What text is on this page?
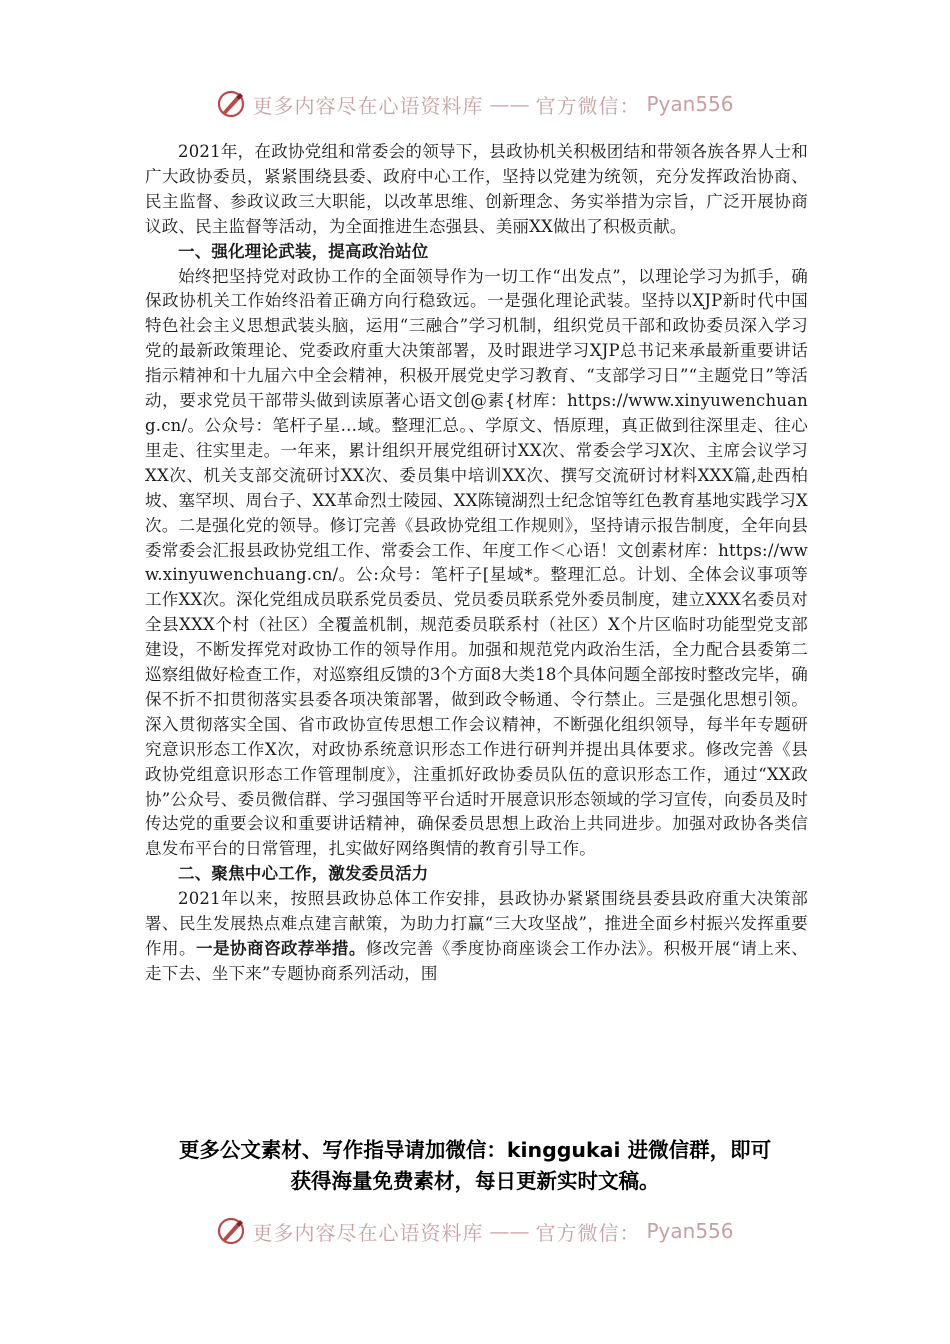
更多内容尽在心语资料库 —— 官方微信： Pyan556

2021年，在政协党组和常委会的领导下，县政协机关积极团结和带领各族各界人士和广大政协委员，紧紧围绕县委、政府中心工作，坚持以党建为统领，充分发挥政治协商、民主监督、参政议政三大职能，以改革思维、创新理念、务实举措为宗旨，广泛开展协商议政、民主监督等活动，为全面推进生态强县、美丽XX做出了积极贡献。

一、强化理论武装，提高政治站位

始终把坚持党对政协工作的全面领导作为一切工作“出发点”，以理论学习为抓手，确保政协机关工作始终沿着正确方向行稳致远。一是强化理论武装。坚持以XJP新时代中国特色社会主义思想武装头脑，运用“三融合”学习机制，组织党员干部和政协委员深入学习党的最新政策理论、党委政府重大决策部署，及时跟进学习XJP总书记来承最新重要讲话指示精神和十九届六中全会精神，积极开展党史学习教育、“支部学习日”“主题党日”等活动，要求党员干部带头做到读原著心语文创@素{材库：https://www.xinyuwenchuang.cn/。公众号：笔杆子星…域。整理汇总。、学原文、悟原理，真正做到往深里走、往心里走、往实里走。一年来，累计组织开展党组研讨XX次、常委会学习X次、主席会议学习XX次、机关支部交流研讨XX次、委员集中培训XX次、撰写交流研讨材料XXX篇,赴西柏坡、塞罕坝、周台子、XX革命烈士陵园、XX陈镜湖烈士纪念馆等红色教育基地实践学习X次。二是强化党的领导。修订完善《县政协党组工作规则》，坚持请示报告制度，全年向县委常委会汇报县政协党组工作、常委会工作、年度工作＜心语！文创素材库：https://www.xinyuwenchuang.cn/。公:众号：笔杆子[星域*。整理汇总。计划、全体会议事项等工作XX次。深化党组成员联系党员委员、党员委员联系党外委员制度，建立XXX名委员对全县XXX个村（社区）全覆盖机制，规范委员联系村（社区）X个片区临时功能型党支部建设，不断发挥党对政协工作的领导作用。加强和规范党内政治生活，全力配合县委第二巡察组做好检查工作，对巡察组反馈的3个方面8大类18个具体问题全部按时整改完毕，确保不折不扣贯彻落实县委各项决策部署，做到政令畅通、令行禁止。三是强化思想引领。深入贯彻落实全国、省市政协宣传思想工作会议精神，不断强化组织领导，每半年专题研究意识形态工作X次，对政协系统意识形态工作进行研判并提出具体要求。修改完善《县政协党组意识形态工作管理制度》，注重抓好政协委员队伍的意识形态工作，通过“XX政协”公众号、委员微信群、学习强国等平台适时开展意识形态领域的学习宣传，向委员及时传达党的重要会议和重要讲话精神，确保委员思想上政治上共同进步。加强对政协各类信息发布平台的日常管理，扎实做好网络舆情的教育引导工作。

二、聚焦中心工作，激发委员活力

2021年以来，按照县政协总体工作安排，县政协办紧紧围绕县委县政府重大决策部署、民生发展热点难点建言献策，为助力打赢“三大攻坚战”，推进全面乡村振兴发挥重要作用。一是协商咨政荐举措。修改完善《季度协商座谈会工作办法》。积极开展“请上来、走下去、坐下来”专题协商系列活动，围

更多公文素材、写作指导请加微信：kinggukai 进微信群，即可
获得海量免费素材，每日更新实时文稿。
更多内容尽在心语资料库 —— 官方微信： Pyan556
